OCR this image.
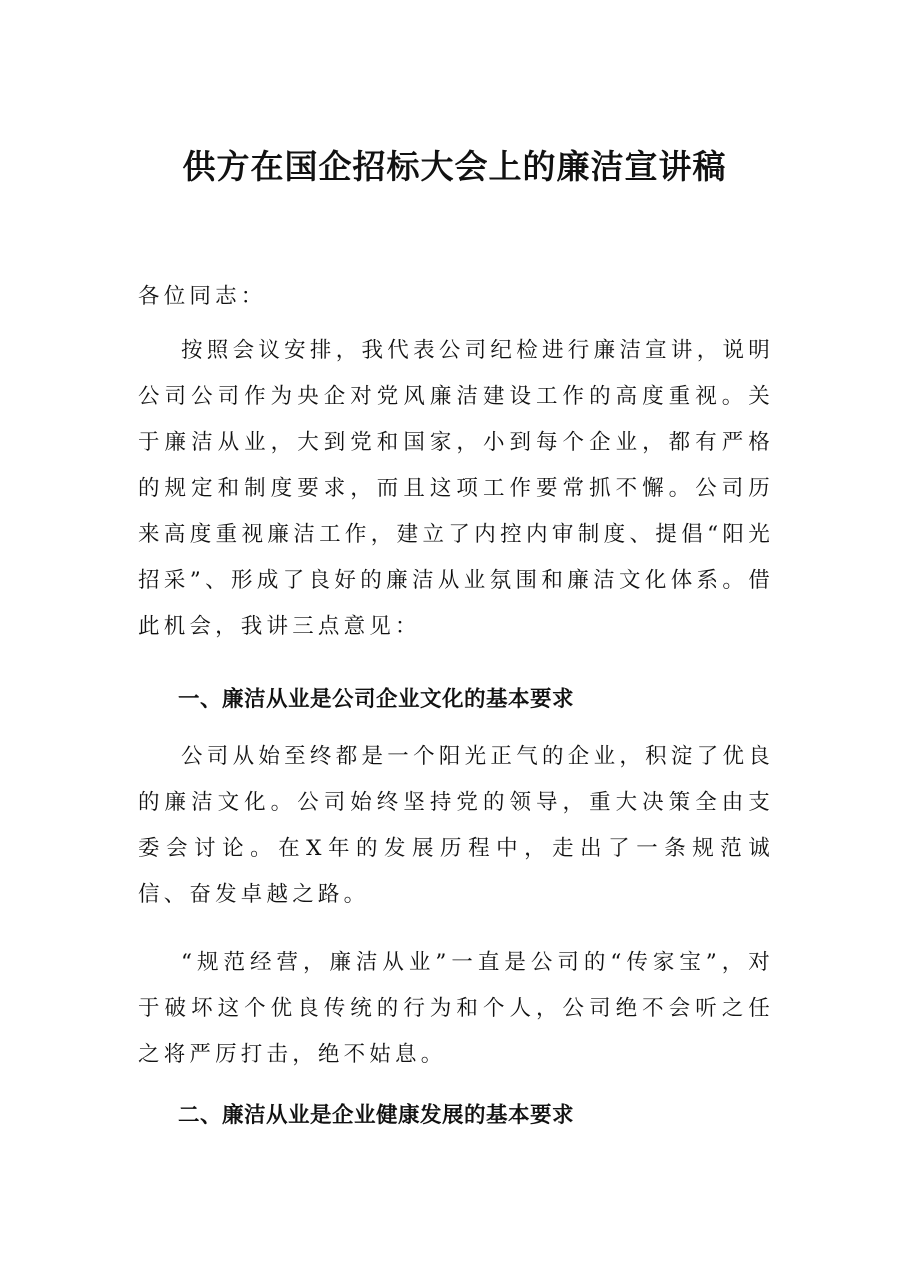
供方在国企招标大会上的廉洁宣讲稿
各位同志：

按照会议安排，我代表公司纪检进行廉洁宣讲，说明公司公司作为央企对党风廉洁建设工作的高度重视。关于廉洁从业，大到党和国家，小到每个企业，都有严格的规定和制度要求，而且这项工作要常抓不懈。公司历来高度重视廉洁工作，建立了内控内审制度、提倡“阳光招采”、形成了良好的廉洁从业氛围和廉洁文化体系。借此机会，我讲三点意见：

一、廉洁从业是公司企业文化的基本要求

公司从始至终都是一个阳光正气的企业，积淀了优良的廉洁文化。公司始终坚持党的领导，重大决策全由支委会讨论。在X年的发展历程中，走出了一条规范诚信、奋发卓越之路。

“规范经营，廉洁从业”一直是公司的“传家宝”，对于破坏这个优良传统的行为和个人，公司绝不会听之任之将严厉打击，绝不姑息。

二、廉洁从业是企业健康发展的基本要求
